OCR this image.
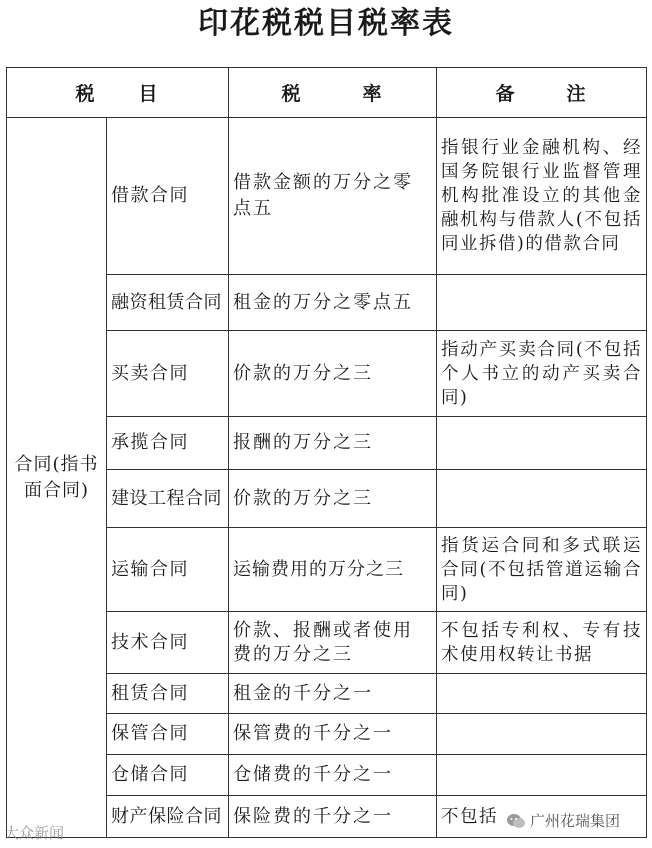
印花税税目税率表
税 目		税 率	备 注

合同(指书面合同)	借款合同	借款金额的万分之零点五	指银行业金融机构、经国务院银行业监督管理机构批准设立的其他金融机构与借款人(不包括同业拆借)的借款合同
	融资租赁合同	租金的万分之零点五	
	买卖合同	价款的万分之三	指动产买卖合同(不包括个人书立的动产买卖合同)
	承揽合同	报酬的万分之三	
	建设工程合同	价款的万分之三	
	运输合同	运输费用的万分之三	指货运合同和多式联运合同(不包括管道运输合同)
	技术合同	价款、报酬或者使用费的万分之三	不包括专利权、专有技术使用权转让书据
	租赁合同	租金的千分之一	
	保管合同	保管费的千分之一	
	仓储合同	仓储费的千分之一	
	财产保险合同	保险费的千分之一	不包括
大众新闻
广州花瑞集团
